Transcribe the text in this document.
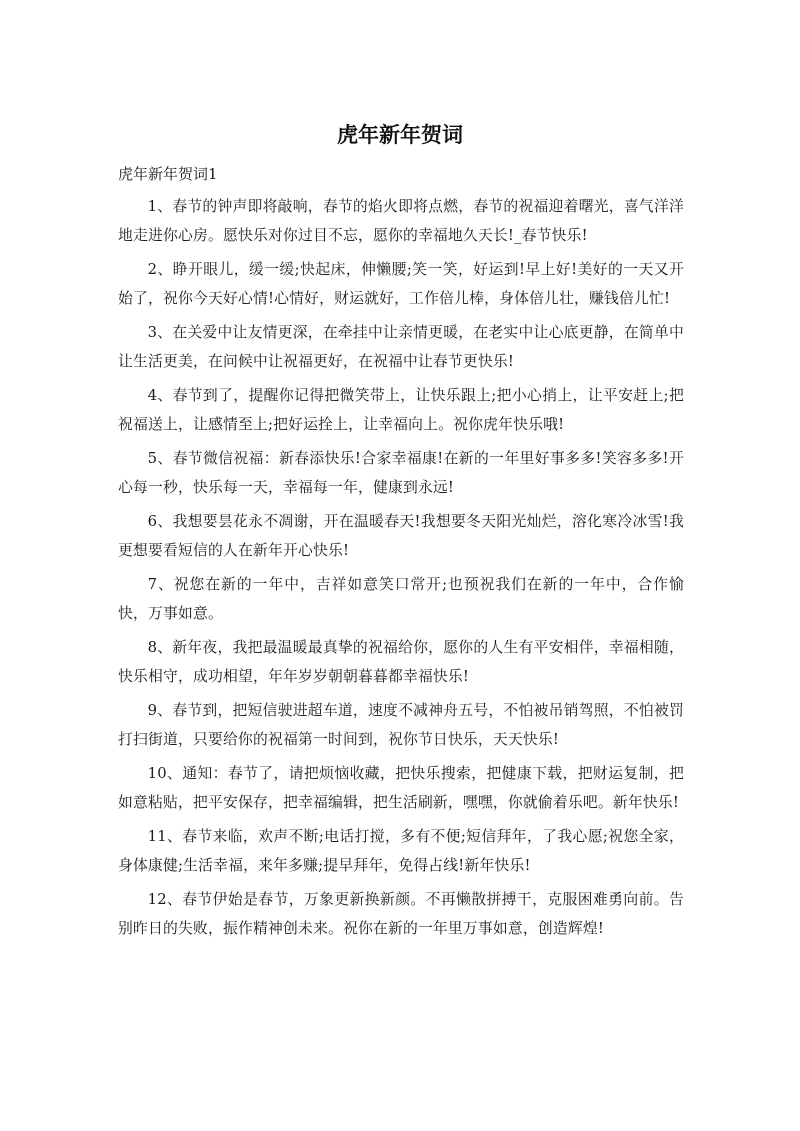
虎年新年贺词
虎年新年贺词1

1、春节的钟声即将敲响，春节的焰火即将点燃，春节的祝福迎着曙光，喜气洋洋地走进你心房。愿快乐对你过目不忘，愿你的幸福地久天长!_春节快乐!

2、睁开眼儿，缓一缓;快起床，伸懒腰;笑一笑，好运到!早上好!美好的一天又开始了，祝你今天好心情!心情好，财运就好，工作倍儿棒，身体倍儿壮，赚钱倍儿忙!

3、在关爱中让友情更深，在牵挂中让亲情更暖，在老实中让心底更静，在简单中让生活更美，在问候中让祝福更好，在祝福中让春节更快乐!

4、春节到了，提醒你记得把微笑带上，让快乐跟上;把小心捎上，让平安赶上;把祝福送上，让感情至上;把好运拴上，让幸福向上。祝你虎年快乐哦!

5、春节微信祝福：新春添快乐!合家幸福康!在新的一年里好事多多!笑容多多!开心每一秒，快乐每一天，幸福每一年，健康到永远!

6、我想要昙花永不凋谢，开在温暖春天!我想要冬天阳光灿烂，溶化寒冷冰雪!我更想要看短信的人在新年开心快乐!

7、祝您在新的一年中，吉祥如意笑口常开;也预祝我们在新的一年中，合作愉快，万事如意。

8、新年夜，我把最温暖最真挚的祝福给你，愿你的人生有平安相伴，幸福相随，快乐相守，成功相望，年年岁岁朝朝暮暮都幸福快乐!

9、春节到，把短信驶进超车道，速度不减神舟五号，不怕被吊销驾照，不怕被罚打扫街道，只要给你的祝福第一时间到，祝你节日快乐，天天快乐!

10、通知：春节了，请把烦恼收藏，把快乐搜索，把健康下载，把财运复制，把如意粘贴，把平安保存，把幸福编辑，把生活刷新，嘿嘿，你就偷着乐吧。新年快乐!

11、春节来临，欢声不断;电话打搅，多有不便;短信拜年，了我心愿;祝您全家，身体康健;生活幸福，来年多赚;提早拜年，免得占线!新年快乐!

12、春节伊始是春节，万象更新换新颜。不再懒散拼搏干，克服困难勇向前。告别昨日的失败，振作精神创未来。祝你在新的一年里万事如意，创造辉煌!
